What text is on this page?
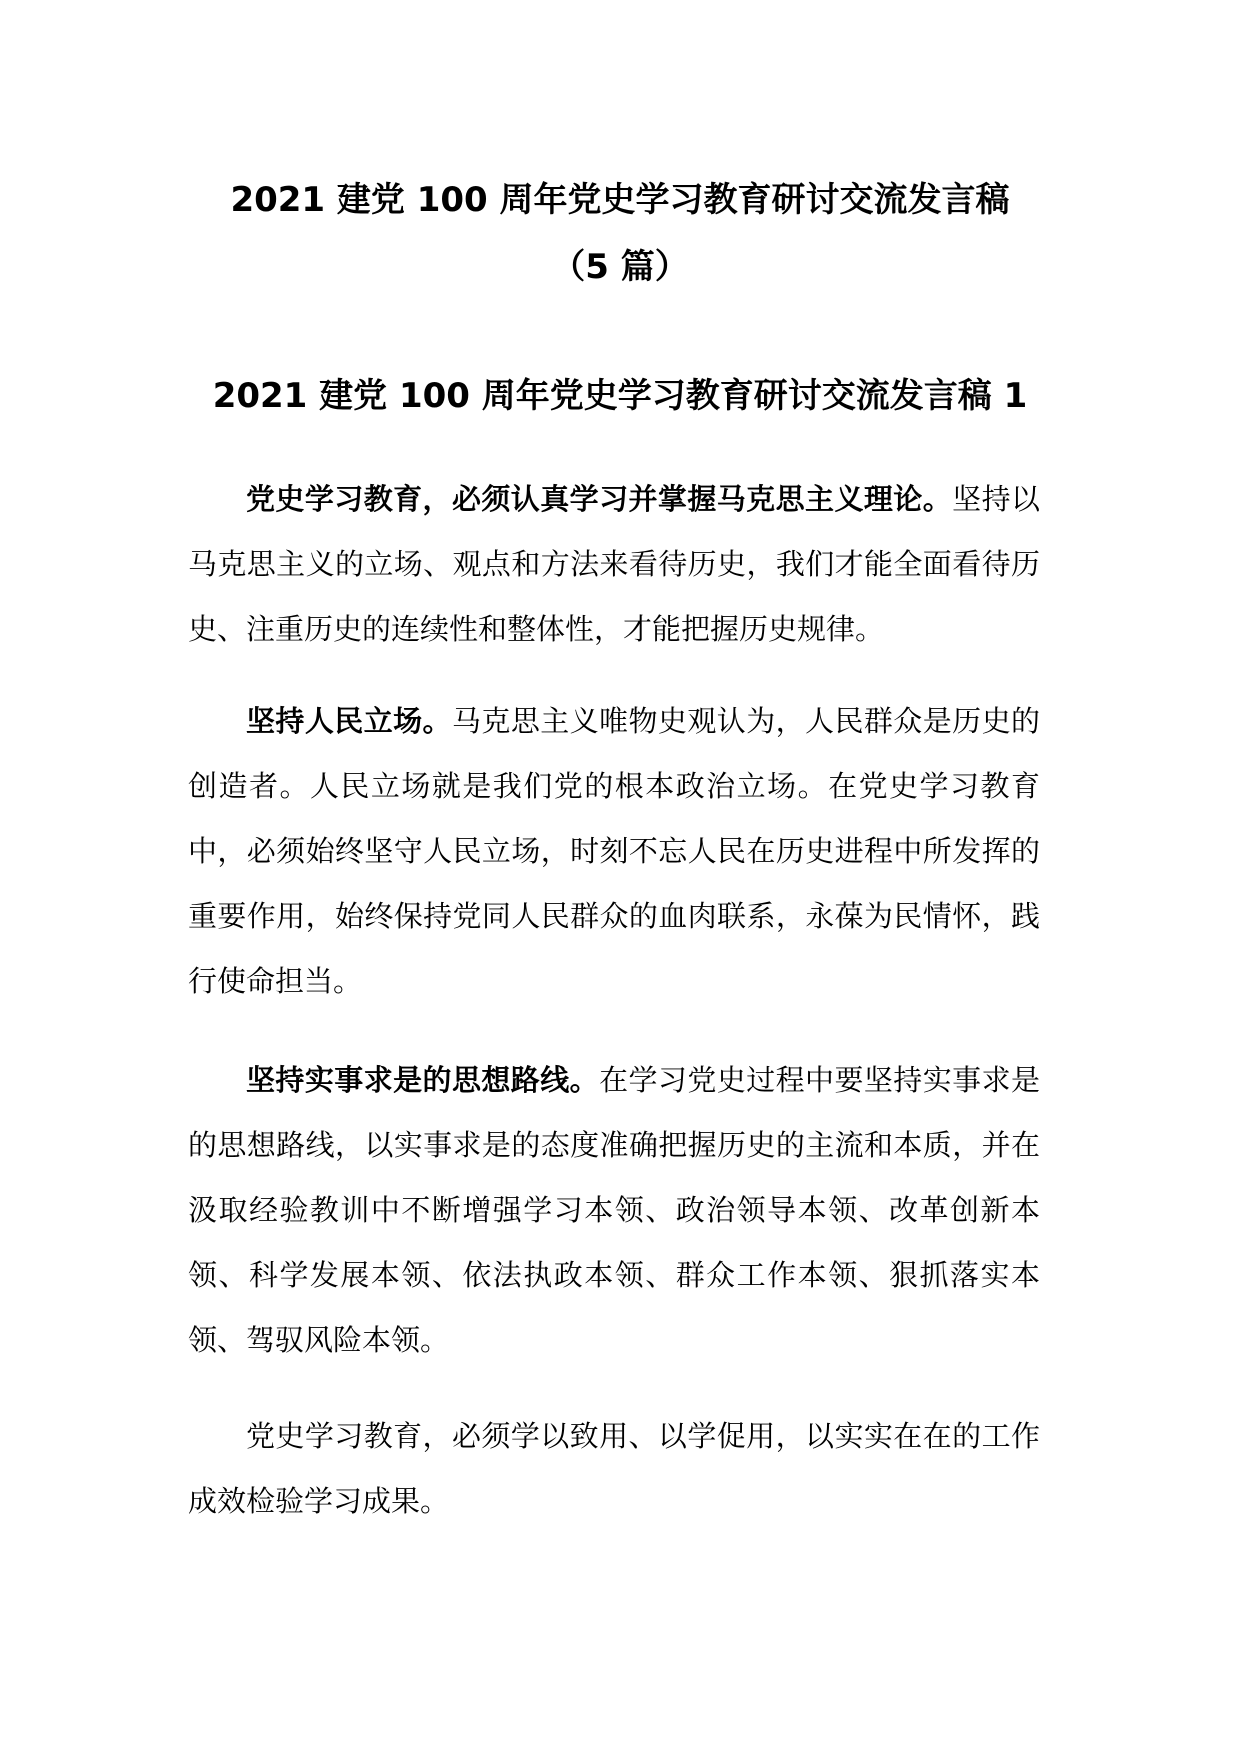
2021 建党 100 周年党史学习教育研讨交流发言稿
（5 篇）
2021 建党 100 周年党史学习教育研讨交流发言稿 1

党史学习教育，必须认真学习并掌握马克思主义理论。坚持以马克思主义的立场、观点和方法来看待历史，我们才能全面看待历史、注重历史的连续性和整体性，才能把握历史规律。

坚持人民立场。马克思主义唯物史观认为，人民群众是历史的创造者。人民立场就是我们党的根本政治立场。在党史学习教育中，必须始终坚守人民立场，时刻不忘人民在历史进程中所发挥的重要作用，始终保持党同人民群众的血肉联系，永葆为民情怀，践行使命担当。

坚持实事求是的思想路线。在学习党史过程中要坚持实事求是的思想路线，以实事求是的态度准确把握历史的主流和本质，并在汲取经验教训中不断增强学习本领、政治领导本领、改革创新本领、科学发展本领、依法执政本领、群众工作本领、狠抓落实本领、驾驭风险本领。

党史学习教育，必须学以致用、以学促用，以实实在在的工作成效检验学习成果。
